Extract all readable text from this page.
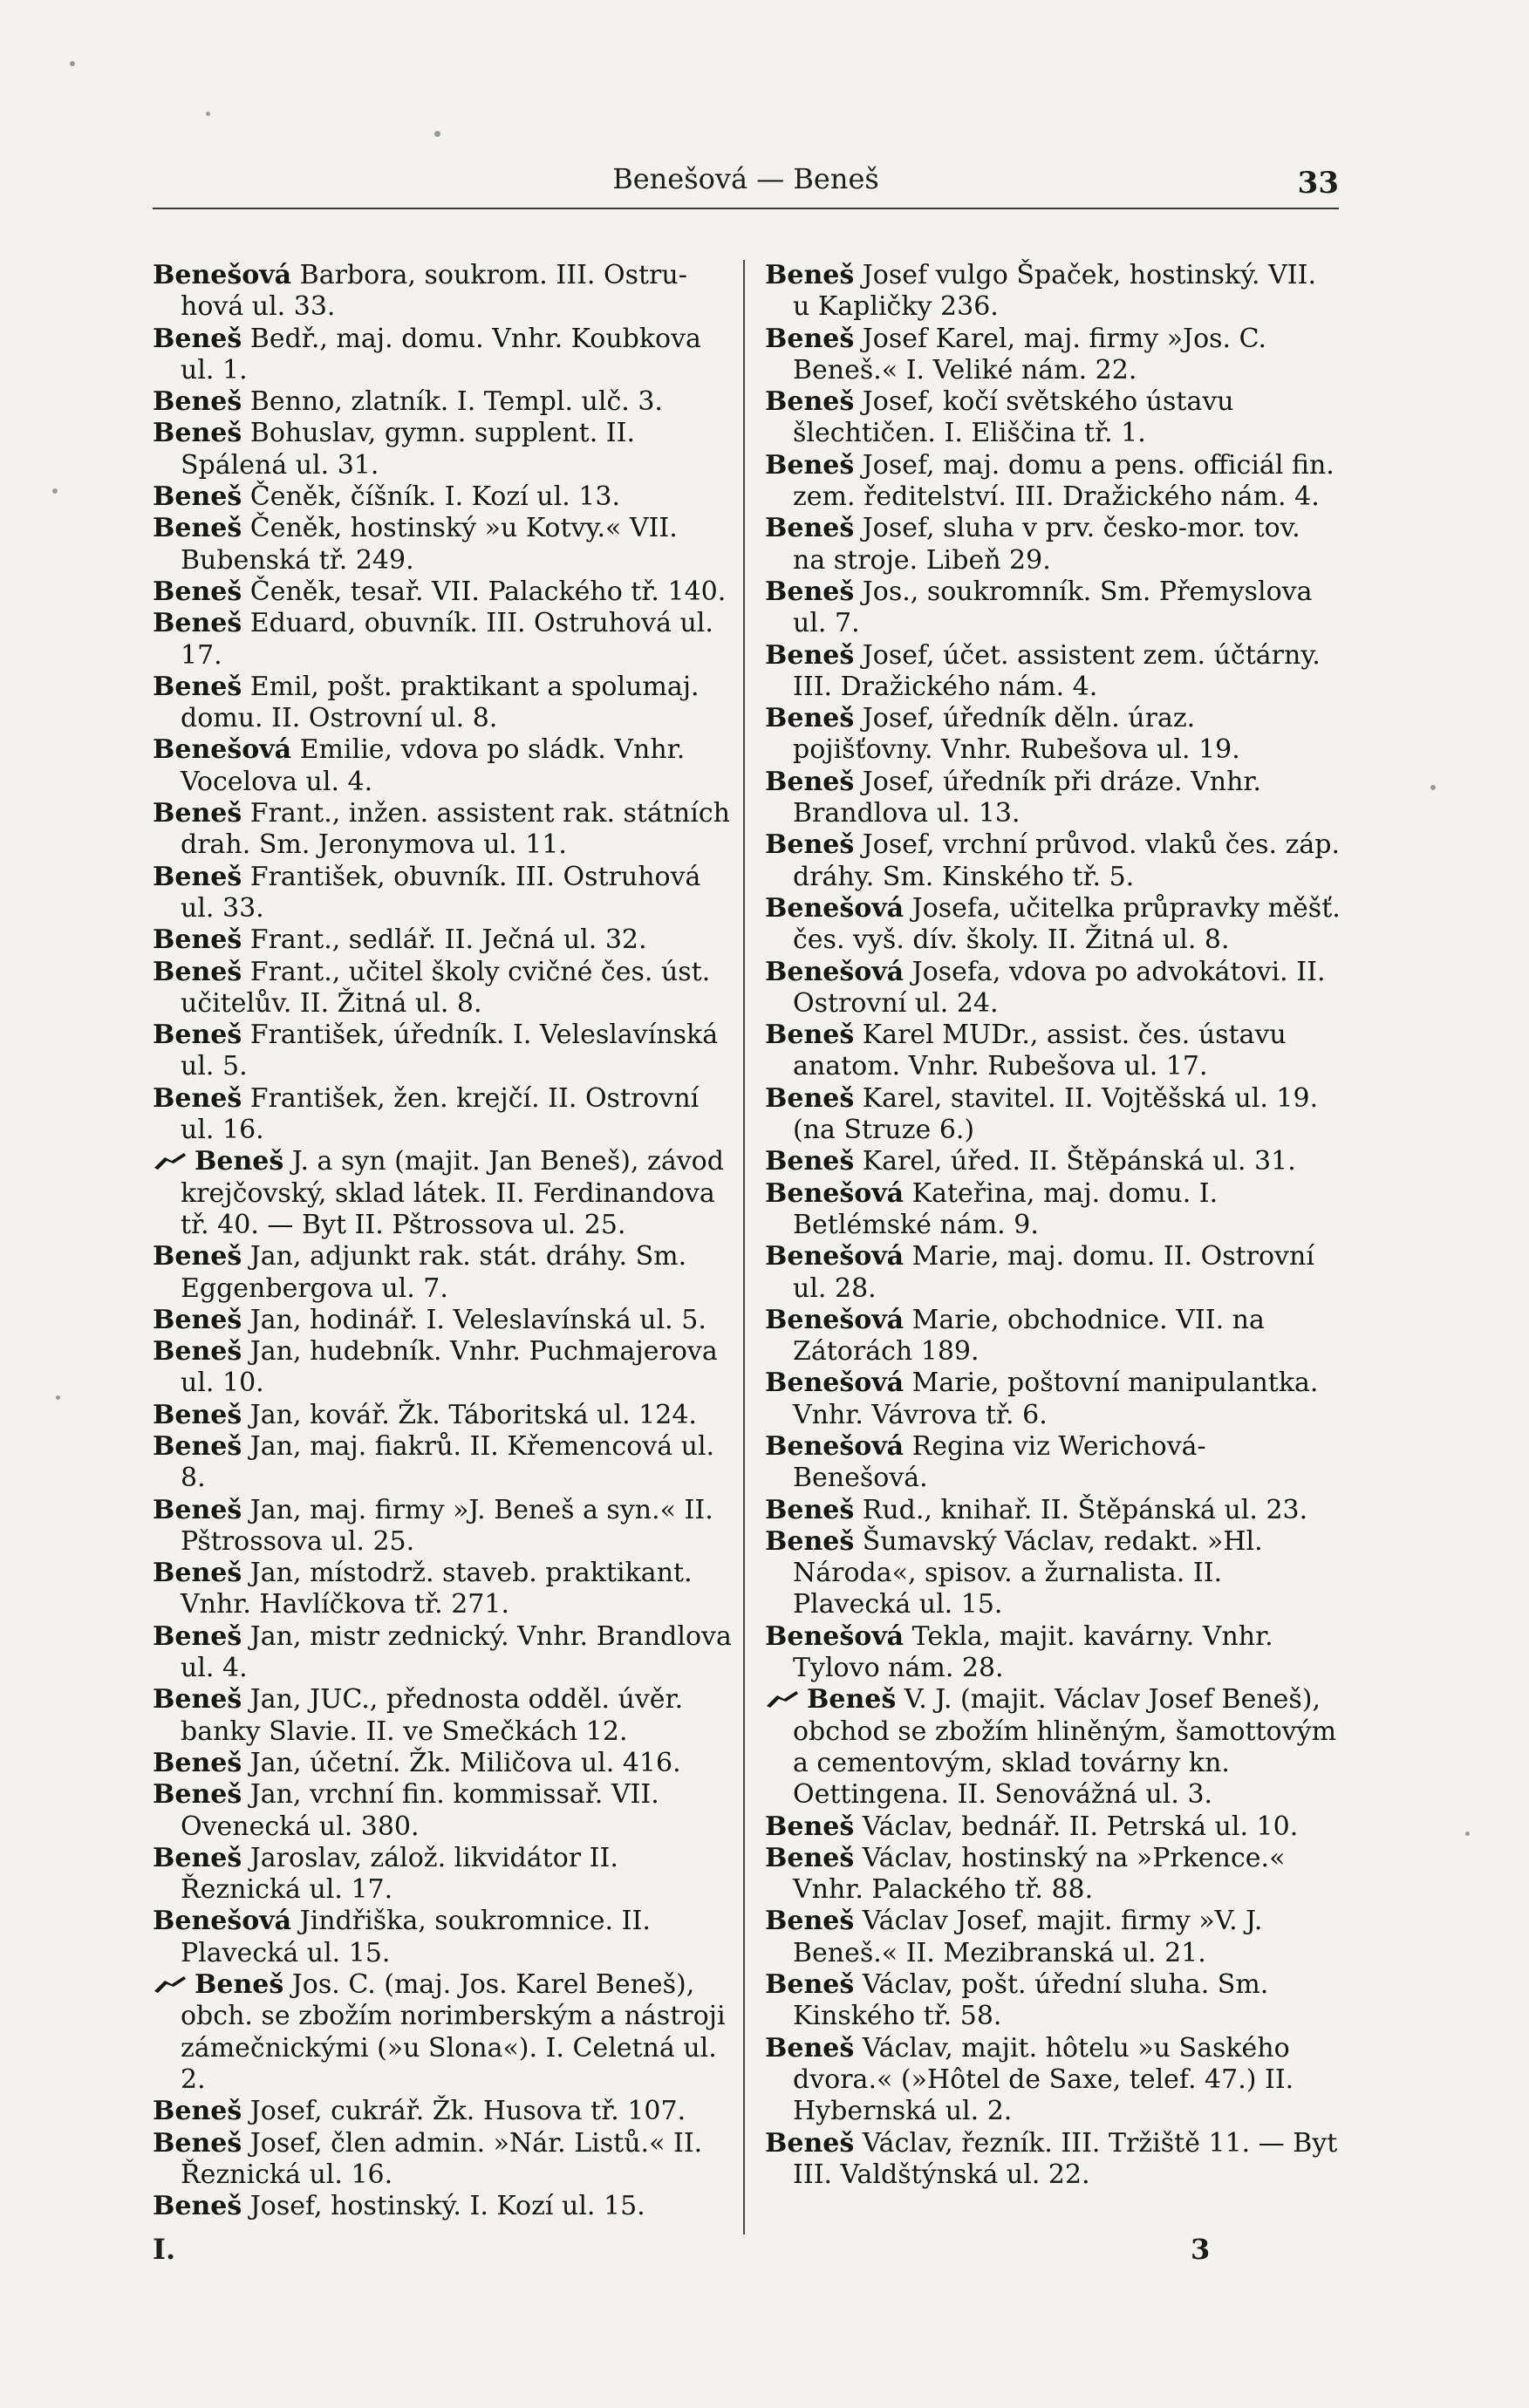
Benešová — Beneš	33

Benešová Barbora, soukrom. III. Ostru-hová ul. 33.

Beneš Bedř., maj. domu. Vnhr. Koubkova ul. 1.

Beneš Benno, zlatník. I. Templ. ulč. 3.

Beneš Bohuslav, gymn. supplent. II. Spálená ul. 31.

Beneš Čeněk, číšník. I. Kozí ul. 13.

Beneš Čeněk, hostinský »u Kotvy.« VII. Bubenská tř. 249.

Beneš Čeněk, tesař. VII. Palackého tř. 140.

Beneš Eduard, obuvník. III. Ostruhová ul. 17.

Beneš Emil, pošt. praktikant a spolumaj. domu. II. Ostrovní ul. 8.

Benešová Emilie, vdova po sládk. Vnhr. Vocelova ul. 4.

Beneš Frant., inžen. assistent rak. státních drah. Sm. Jeronymova ul. 11.

Beneš František, obuvník. III. Ostruhová ul. 33.

Beneš Frant., sedlář. II. Ječná ul. 32.

Beneš Frant., učitel školy cvičné čes. úst. učitelův. II. Žitná ul. 8.

Beneš František, úředník. I. Veleslavínská ul. 5.

Beneš František, žen. krejčí. II. Ostrovní ul. 16.

Beneš J. a syn (majit. Jan Beneš), závod krejčovský, sklad látek. II. Ferdinandova tř. 40. — Byt II. Pštrossova ul. 25.

Beneš Jan, adjunkt rak. stát. dráhy. Sm. Eggenbergova ul. 7.

Beneš Jan, hodinář. I. Veleslavínská ul. 5.

Beneš Jan, hudebník. Vnhr. Puchmajerova ul. 10.

Beneš Jan, kovář. Žk. Táboritská ul. 124.

Beneš Jan, maj. fiakrů. II. Křemencová ul. 8.

Beneš Jan, maj. firmy »J. Beneš a syn.« II. Pštrossova ul. 25.

Beneš Jan, místodrž. staveb. praktikant. Vnhr. Havlíčkova tř. 271.

Beneš Jan, mistr zednický. Vnhr. Brandlova ul. 4.

Beneš Jan, JUC., přednosta odděl. úvěr. banky Slavie. II. ve Smečkách 12.

Beneš Jan, účetní. Žk. Miličova ul. 416.

Beneš Jan, vrchní fin. kommissař. VII. Ovenecká ul. 380.

Beneš Jaroslav, zálož. likvidátor II. Řeznická ul. 17.

Benešová Jindřiška, soukromnice. II. Plavecká ul. 15.

Beneš Jos. C. (maj. Jos. Karel Beneš), obch. se zbožím norimberským a nástroji zámečnickými (»u Slona«). I. Celetná ul. 2.

Beneš Josef, cukrář. Žk. Husova tř. 107.

Beneš Josef, člen admin. »Nár. Listů.« II. Řeznická ul. 16.

Beneš Josef, hostinský. I. Kozí ul. 15.

Beneš Josef vulgo Špaček, hostinský. VII. u Kapličky 236.

Beneš Josef Karel, maj. firmy »Jos. C. Beneš.« I. Veliké nám. 22.

Beneš Josef, kočí světského ústavu šlechtičen. I. Eliščina tř. 1.

Beneš Josef, maj. domu a pens. officiál fin. zem. ředitelství. III. Dražického nám. 4.

Beneš Josef, sluha v prv. česko-mor. tov. na stroje. Libeň 29.

Beneš Jos., soukromník. Sm. Přemyslova ul. 7.

Beneš Josef, účet. assistent zem. účtárny. III. Dražického nám. 4.

Beneš Josef, úředník děln. úraz. pojišťovny. Vnhr. Rubešova ul. 19.

Beneš Josef, úředník při dráze. Vnhr. Brandlova ul. 13.

Beneš Josef, vrchní průvod. vlaků čes. záp. dráhy. Sm. Kinského tř. 5.

Benešová Josefa, učitelka průpravky měšť. čes. vyš. dív. školy. II. Žitná ul. 8.

Benešová Josefa, vdova po advokátovi. II. Ostrovní ul. 24.

Beneš Karel MUDr., assist. čes. ústavu anatom. Vnhr. Rubešova ul. 17.

Beneš Karel, stavitel. II. Vojtěšská ul. 19. (na Struze 6.)

Beneš Karel, úřed. II. Štěpánská ul. 31.

Benešová Kateřina, maj. domu. I. Betlémské nám. 9.

Benešová Marie, maj. domu. II. Ostrovní ul. 28.

Benešová Marie, obchodnice. VII. na Zátorách 189.

Benešová Marie, poštovní manipulantka. Vnhr. Vávrova tř. 6.

Benešová Regina viz Werichová-Benešová.

Beneš Rud., knihař. II. Štěpánská ul. 23.

Beneš Šumavský Václav, redakt. »Hl. Národa«, spisov. a žurnalista. II. Plavecká ul. 15.

Benešová Tekla, majit. kavárny. Vnhr. Tylovo nám. 28.

Beneš V. J. (majit. Václav Josef Beneš), obchod se zbožím hliněným, šamottovým a cementovým, sklad továrny kn. Oettingena. II. Senovážná ul. 3.

Beneš Václav, bednář. II. Petrská ul. 10.

Beneš Václav, hostinský na »Prkence.« Vnhr. Palackého tř. 88.

Beneš Václav Josef, majit. firmy »V. J. Beneš.« II. Mezibranská ul. 21.

Beneš Václav, pošt. úřední sluha. Sm. Kinského tř. 58.

Beneš Václav, majit. hôtelu »u Saského dvora.« (»Hôtel de Saxe, telef. 47.) II. Hybernská ul. 2.

Beneš Václav, řezník. III. Tržiště 11. — Byt III. Valdštýnská ul. 22.

I.	3
